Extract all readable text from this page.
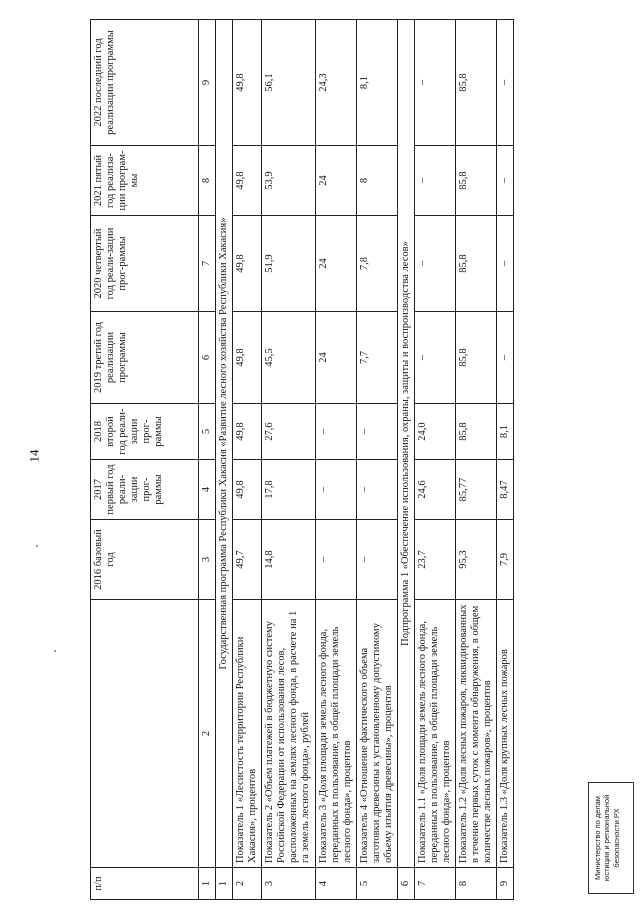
14
п/п		2016 базовый год	2017 первый год реали-зации прог-раммы	2018 второй год реали-зации прог-раммы	2019 третий год реализации программы	2020 четвертый год реали-зации прог-раммы	2021 пятый год реализа-ции програм-мы	2022 последний год реализации программы
1	2	3	4	5	6	7	8	9
1	Государственная программа Республики Хакасия «Развитие лесного хозяйства Республики Хакасия»							
2	Показатель 1 «Лесистость территории Республики Хакасия», процентов	49,7	49,8	49,8	49,8	49,8	49,8	49,8
3	Показатель 2 «Объем платежей в бюджетную систему Российской Федерации от использования лесов, расположенных на землях лесного фонда, в расчете на 1 га земель лесного фонда», рублей	14,8	17,8	27,6	45,5	51,9	53,9	56,1
4	Показатель 3 «Доля площади земель лесного фонда, переданных в пользование, в общей площади земель лесного фонда», процентов	–	–	–	24	24	24	24,3
5	Показатель 4 «Отношение фактического объема заготовки древесины к установленному допустимому объему изъятия древесины», процентов	–	–	–	7,7	7,8	8	8,1
6	Подпрограмма 1 «Обеспечение использования, охраны, защиты и воспроизводства лесов»							
7	Показатель 1.1 «Доля площади земель лесного фонда, переданных в пользование, в общей площади земель лесного фонда», процентов	23,7	24,6	24,0	–	–	–	–
8	Показатель 1.2 «Доля лесных пожаров, ликвидированных в течение первых суток с момента обнаружения, в общем количестве лесных пожаров», процентов	95,3	85,77	85,8	85,8	85,8	85,8	85,8
9	Показатель 1.3 «Доля крупных лесных пожаров	7,9	8,47	8,1	–	–	–	–
Министерство по делам юстиции и региональной безопасности РХ
